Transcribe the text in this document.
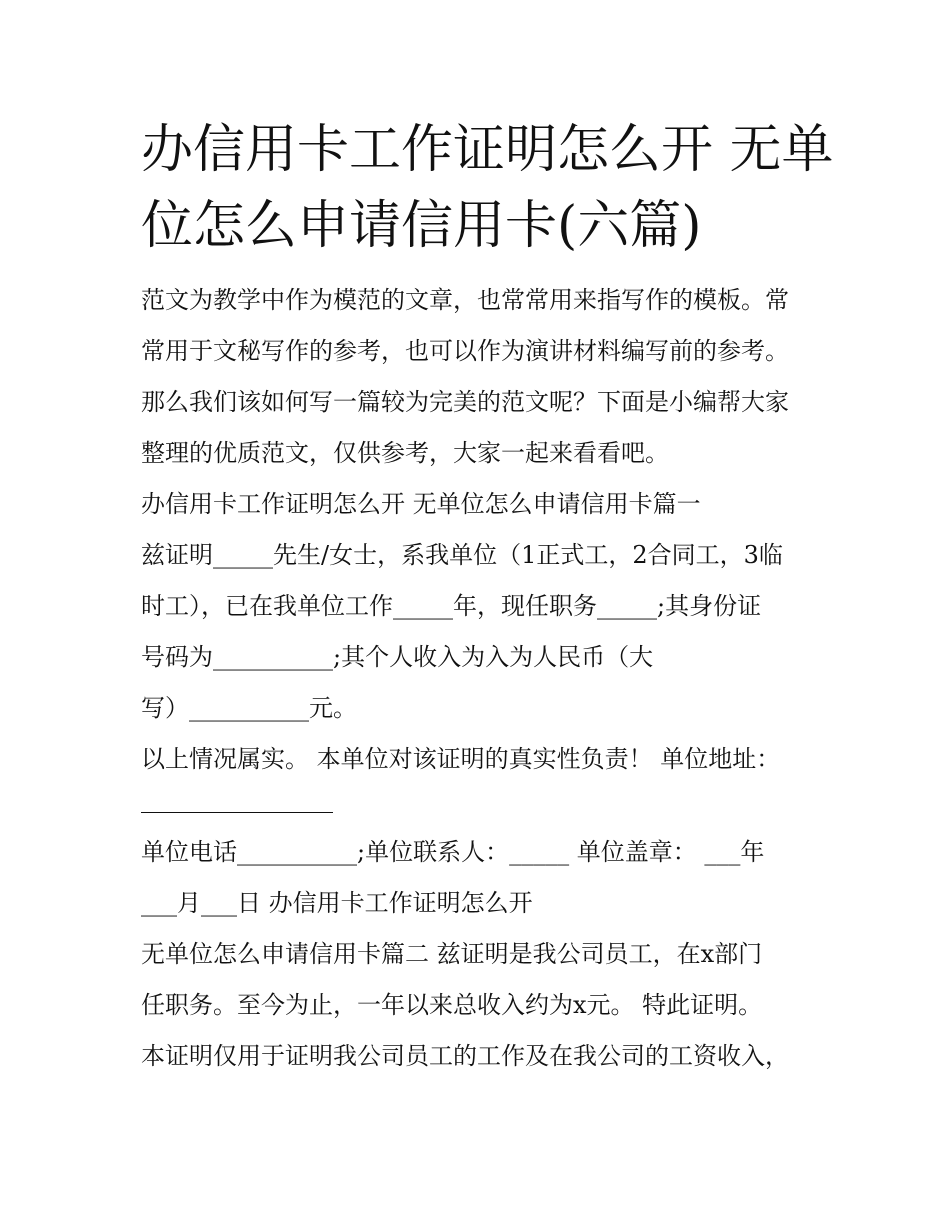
办信用卡工作证明怎么开 无单
位怎么申请信用卡(六篇)

范文为教学中作为模范的文章，也常常用来指写作的模板。常

常用于文秘写作的参考，也可以作为演讲材料编写前的参考。

那么我们该如何写一篇较为完美的范文呢？下面是小编帮大家

整理的优质范文，仅供参考，大家一起来看看吧。

办信用卡工作证明怎么开 无单位怎么申请信用卡篇一

兹证明_____先生/女士，系我单位（1正式工，2合同工，3临

时工），已在我单位工作_____年，现任职务_____;其身份证

号码为__________;其个人收入为入为人民币（大

写）__________元。

以上情况属实。 本单位对该证明的真实性负责！ 单位地址：

单位电话__________;单位联系人：_____ 单位盖章： ___年

___月___日 办信用卡工作证明怎么开

无单位怎么申请信用卡篇二 兹证明是我公司员工，在x部门

任职务。至今为止，一年以来总收入约为x元。 特此证明。

本证明仅用于证明我公司员工的工作及在我公司的工资收入，
